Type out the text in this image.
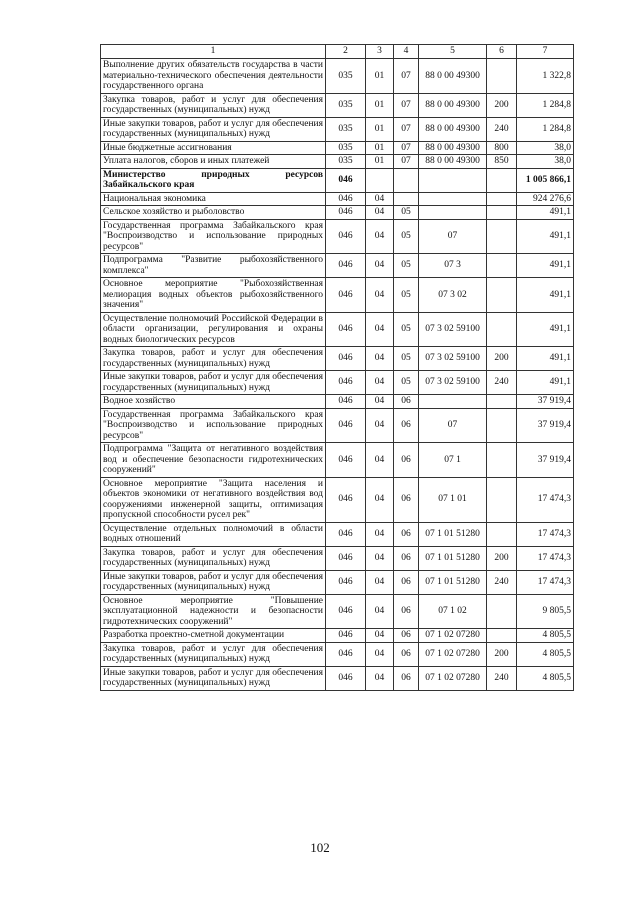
1	2	3	4	5	6	7
Выполнение других обязательств государства в части материально-технического обеспечения деятельности государственного органа	035	01	07	88 0 00 49300		1 322,8
Закупка товаров, работ и услуг для обеспечения государственных (муниципальных) нужд	035	01	07	88 0 00 49300	200	1 284,8
Иные закупки товаров, работ и услуг для обеспечения государственных (муниципальных) нужд	035	01	07	88 0 00 49300	240	1 284,8
Иные бюджетные ассигнования	035	01	07	88 0 00 49300	800	38,0
Уплата налогов, сборов и иных платежей	035	01	07	88 0 00 49300	850	38,0
Министерство природных ресурсов Забайкальского края	046					1 005 866,1
Национальная экономика	046	04				924 276,6
Сельское хозяйство и рыболовство	046	04	05			491,1
Государственная программа Забайкальского края "Воспроизводство и использование природных ресурсов"	046	04	05	07		491,1
Подпрограмма "Развитие рыбохозяйственного комплекса"	046	04	05	07 3		491,1
Основное мероприятие "Рыбохозяйственная мелиорация водных объектов рыбохозяйственного значения"	046	04	05	07 3 02		491,1
Осуществление полномочий Российской Федерации в области организации, регулирования и охраны водных биологических ресурсов	046	04	05	07 3 02 59100		491,1
Закупка товаров, работ и услуг для обеспечения государственных (муниципальных) нужд	046	04	05	07 3 02 59100	200	491,1
Иные закупки товаров, работ и услуг для обеспечения государственных (муниципальных) нужд	046	04	05	07 3 02 59100	240	491,1
Водное хозяйство	046	04	06			37 919,4
Государственная программа Забайкальского края "Воспроизводство и использование природных ресурсов"	046	04	06	07		37 919,4
Подпрограмма "Защита от негативного воздействия вод и обеспечение безопасности гидротехнических сооружений"	046	04	06	07 1		37 919,4
Основное мероприятие "Защита населения и объектов экономики от негативного воздействия вод сооружениями инженерной защиты, оптимизация пропускной способности русел рек"	046	04	06	07 1 01		17 474,3
Осуществление отдельных полномочий в области водных отношений	046	04	06	07 1 01 51280		17 474,3
Закупка товаров, работ и услуг для обеспечения государственных (муниципальных) нужд	046	04	06	07 1 01 51280	200	17 474,3
Иные закупки товаров, работ и услуг для обеспечения государственных (муниципальных) нужд	046	04	06	07 1 01 51280	240	17 474,3
Основное мероприятие "Повышение эксплуатационной надежности и безопасности гидротехнических сооружений"	046	04	06	07 1 02		9 805,5
Разработка проектно-сметной документации	046	04	06	07 1 02 07280		4 805,5
Закупка товаров, работ и услуг для обеспечения государственных (муниципальных) нужд	046	04	06	07 1 02 07280	200	4 805,5
Иные закупки товаров, работ и услуг для обеспечения государственных (муниципальных) нужд	046	04	06	07 1 02 07280	240	4 805,5
102
